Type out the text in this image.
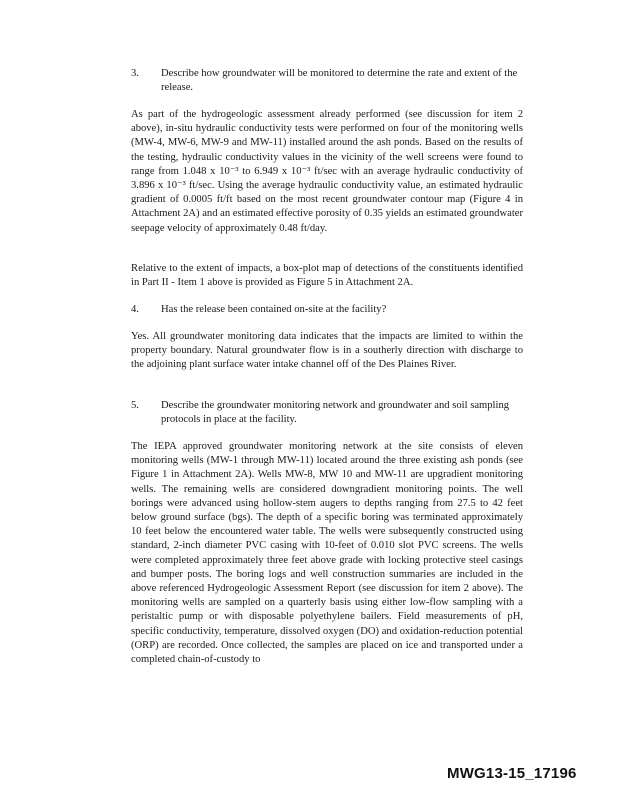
3. Describe how groundwater will be monitored to determine the rate and extent of the release.

As part of the hydrogeologic assessment already performed (see discussion for item 2 above), in-situ hydraulic conductivity tests were performed on four of the monitoring wells (MW-4, MW-6, MW-9 and MW-11) installed around the ash ponds. Based on the results of the testing, hydraulic conductivity values in the vicinity of the well screens were found to range from 1.048 x 10⁻³ to 6.949 x 10⁻³ ft/sec with an average hydraulic conductivity of 3.896 x 10⁻³ ft/sec. Using the average hydraulic conductivity value, an estimated hydraulic gradient of 0.0005 ft/ft based on the most recent groundwater contour map (Figure 4 in Attachment 2A) and an estimated effective porosity of 0.35 yields an estimated groundwater seepage velocity of approximately 0.48 ft/day.

Relative to the extent of impacts, a box-plot map of detections of the constituents identified in Part II - Item 1 above is provided as Figure 5 in Attachment 2A.

4. Has the release been contained on-site at the facility?

Yes. All groundwater monitoring data indicates that the impacts are limited to within the property boundary. Natural groundwater flow is in a southerly direction with discharge to the adjoining plant surface water intake channel off of the Des Plaines River.

5. Describe the groundwater monitoring network and groundwater and soil sampling protocols in place at the facility.

The IEPA approved groundwater monitoring network at the site consists of eleven monitoring wells (MW-1 through MW-11) located around the three existing ash ponds (see Figure 1 in Attachment 2A). Wells MW-8, MW 10 and MW-11 are upgradient monitoring wells. The remaining wells are considered downgradient monitoring points. The well borings were advanced using hollow-stem augers to depths ranging from 27.5 to 42 feet below ground surface (bgs). The depth of a specific boring was terminated approximately 10 feet below the encountered water table. The wells were subsequently constructed using standard, 2-inch diameter PVC casing with 10-feet of 0.010 slot PVC screens. The wells were completed approximately three feet above grade with locking protective steel casings and bumper posts. The boring logs and well construction summaries are included in the above referenced Hydrogeologic Assessment Report (see discussion for item 2 above). The monitoring wells are sampled on a quarterly basis using either low-flow sampling with a peristaltic pump or with disposable polyethylene bailers. Field measurements of pH, specific conductivity, temperature, dissolved oxygen (DO) and oxidation-reduction potential (ORP) are recorded. Once collected, the samples are placed on ice and transported under a completed chain-of-custody to

MWG13-15_17196
